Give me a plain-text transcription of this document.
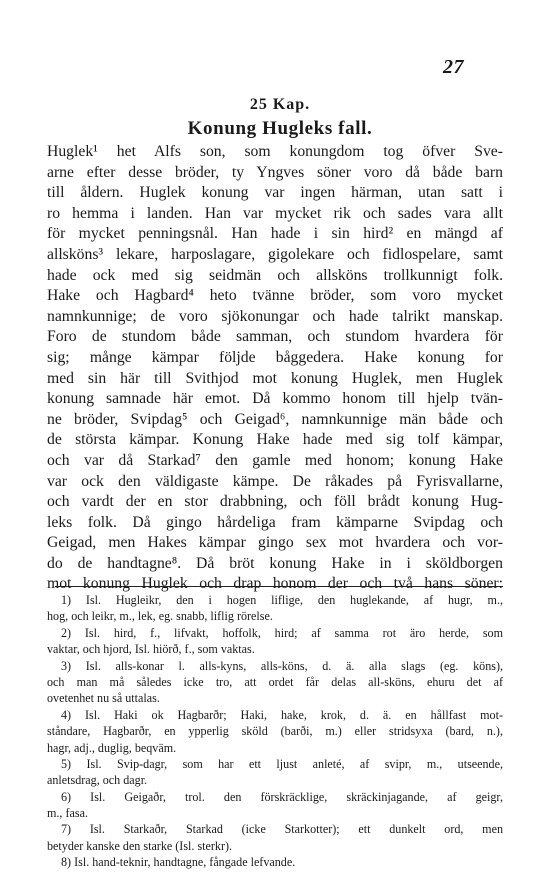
27
25 Kap.
Konung Hugleks fall.
Huglek¹ het Alfs son, som konungdom tog öfver Sve-
arne efter desse bröder, ty Yngves söner voro då både barn
till åldern. Huglek konung var ingen härman, utan satt i
ro hemma i landen. Han var mycket rik och sades vara allt
för mycket penningsnål. Han hade i sin hird² en mängd af
allsköns³ lekare, harposlagare, gigolekare och fidlospelare, samt
hade ock med sig seidmän och allsköns trollkunnigt folk.
Hake och Hagbard⁴ heto tvänne bröder, som voro mycket
namnkunnige; de voro sjökonungar och hade talrikt manskap.
Foro de stundom både samman, och stundom hvardera för
sig; månge kämpar följde båggedera. Hake konung for
med sin här till Svithjod mot konung Huglek, men Huglek
konung samnade här emot. Då kommo honom till hjelp tvän-
ne bröder, Svipdag⁵ och Geigad⁶, namnkunnige män både och
de största kämpar. Konung Hake hade med sig tolf kämpar,
och var då Starkad⁷ den gamle med honom; konung Hake
var ock den väldigaste kämpe. De råkades på Fyrisvallarne,
och vardt der en stor drabbning, och föll brådt konung Hug-
leks folk. Då gingo hårdeliga fram kämparne Svipdag och
Geigad, men Hakes kämpar gingo sex mot hvardera och vor-
do de handtagne⁸. Då bröt konung Hake in i sköldborgen
mot konung Huglek och drap honom der och två hans söner:
1) Isl. Hugleikr, den i hogen liflige, den huglekande, af hugr, m.,
hog, och leikr, m., lek, eg. snabb, liflig rörelse.
2) Isl. hird, f., lifvakt, hoffolk, hird; af samma rot äro herde, som
vaktar, och hjord, Isl. hiörð, f., som vaktas.
3) Isl. alls-konar l. alls-kyns, alls-köns, d. ä. alla slags (eg. köns),
och man må således icke tro, att ordet får delas all-sköns, ehuru det af
ovetenhet nu så uttalas.
4) Isl. Haki ok Hagbarðr; Haki, hake, krok, d. ä. en hållfast mot-
ståndare, Hagbarðr, en ypperlig sköld (barði, m.) eller stridsyxa (bard, n.),
hagr, adj., duglig, beqväm.
5) Isl. Svip-dagr, som har ett ljust anleté, af svipr, m., utseende,
anletsdrag, och dagr.
6) Isl. Geigaðr, trol. den förskräcklige, skräckinjagande, af geigr,
m., fasa.
7) Isl. Starkaðr, Starkad (icke Starkotter); ett dunkelt ord, men
betyder kanske den starke (Isl. sterkr).
8) Isl. hand-teknir, handtagne, fångade lefvande.
